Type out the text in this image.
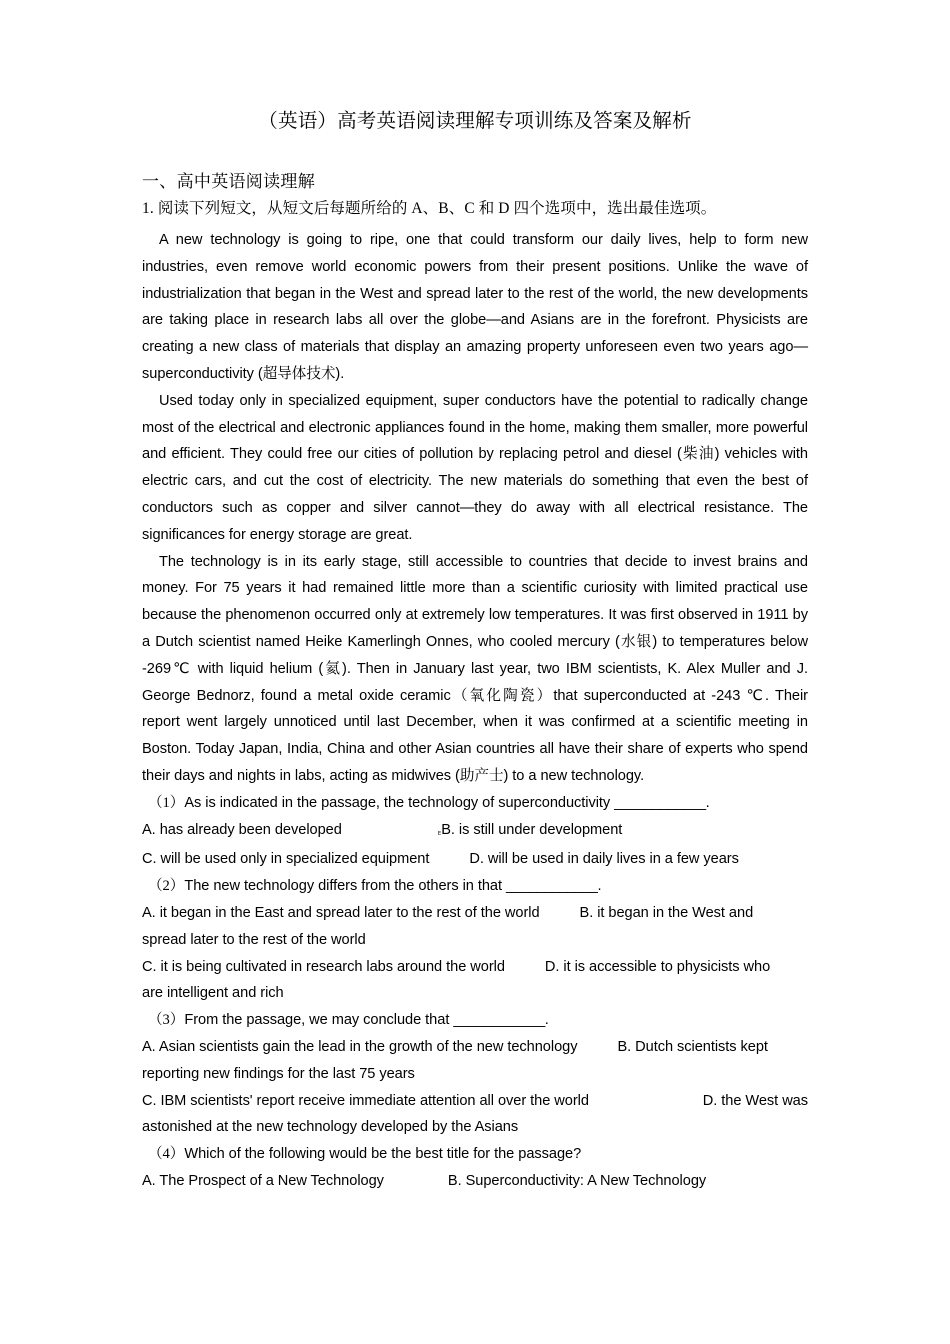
（英语）高考英语阅读理解专项训练及答案及解析
一、高中英语阅读理解
1. 阅读下列短文，从短文后每题所给的 A、B、C 和 D 四个选项中，选出最佳选项。

A new technology is going to ripe, one that could transform our daily lives, help to form new industries, even remove world economic powers from their present positions. Unlike the wave of industrialization that began in the West and spread later to the rest of the world, the new developments are taking place in research labs all over the globe—and Asians are in the forefront. Physicists are creating a new class of materials that display an amazing property unforeseen even two years ago—superconductivity (超导体技术).

Used today only in specialized equipment, super conductors have the potential to radically change most of the electrical and electronic appliances found in the home, making them smaller, more powerful and efficient. They could free our cities of pollution by replacing petrol and diesel (柴油) vehicles with electric cars, and cut the cost of electricity. The new materials do something that even the best of conductors such as copper and silver cannot—they do away with all electrical resistance. The significances for energy storage are great.

The technology is in its early stage, still accessible to countries that decide to invest brains and money. For 75 years it had remained little more than a scientific curiosity with limited practical use because the phenomenon occurred only at extremely low temperatures. It was first observed in 1911 by a Dutch scientist named Heike Kamerlingh Onnes, who cooled mercury (水银) to temperatures below -269℃ with liquid helium (氦). Then in January last year, two IBM scientists, K. Alex Muller and J. George Bednorz, found a metal oxide ceramic（氧化陶瓷）that superconducted at -243 ℃. Their report went largely unnoticed until last December, when it was confirmed at a scientific meeting in Boston. Today Japan, India, China and other Asian countries all have their share of experts who spend their days and nights in labs, acting as midwives (助产士) to a new technology.

（1）As is indicated in the passage, the technology of superconductivity ____________.
A. has already been developed	ᴇB. is still under development
C. will be used only in specialized equipment	D. will be used in daily lives in a few years
（2）The new technology differs from the others in that ____________.
A. it began in the East and spread later to the rest of the world	B. it began in the West and
spread later to the rest of the world
C. it is being cultivated in research labs around the world	D. it is accessible to physicists who
are intelligent and rich
（3）From the passage, we may conclude that ____________.
A. Asian scientists gain the lead in the growth of the new technology	B. Dutch scientists kept
reporting new findings for the last 75 years
C. IBM scientists' report receive immediate attention all over the world	D. the West was
astonished at the new technology developed by the Asians
（4）Which of the following would be the best title for the passage?
A. The Prospect of a New Technology	B. Superconductivity: A New Technology
